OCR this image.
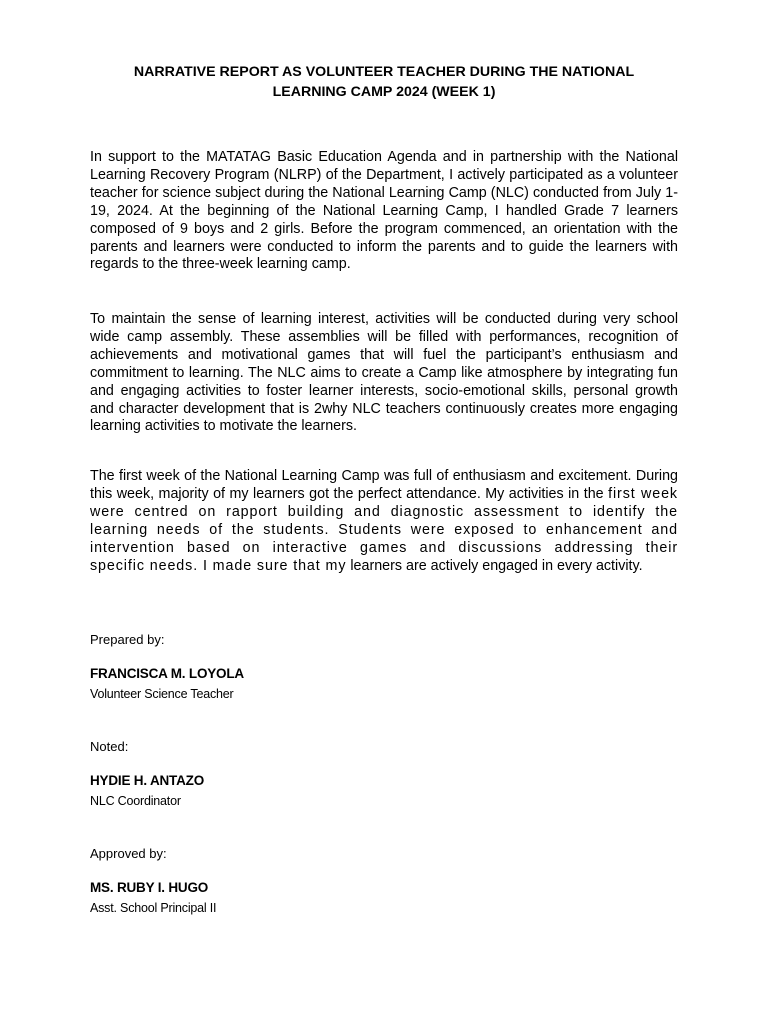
NARRATIVE REPORT AS VOLUNTEER TEACHER DURING THE NATIONAL
LEARNING CAMP 2024 (WEEK 1)

In support to the MATATAG Basic Education Agenda and in partnership with the National Learning Recovery Program (NLRP) of the Department, I actively participated as a volunteer teacher for science subject during the National Learning Camp (NLC) conducted from July 1-19, 2024. At the beginning of the National Learning Camp, I handled Grade 7 learners composed of 9 boys and 2 girls. Before the program commenced, an orientation with the parents and learners were conducted to inform the parents and to guide the learners with regards to the three-week learning camp.

To maintain the sense of learning interest, activities will be conducted during very school wide camp assembly. These assemblies will be filled with performances, recognition of achievements and motivational games that will fuel the participant’s enthusiasm and commitment to learning. The NLC aims to create a Camp like atmosphere by integrating fun and engaging activities to foster learner interests, socio-emotional skills, personal growth and character development that is 2why NLC teachers continuously creates more engaging learning activities to motivate the learners.

The first week of the National Learning Camp was full of enthusiasm and excitement. During this week, majority of my learners got the perfect attendance. My activities in the first week were centred on rapport building and diagnostic assessment to identify the learning needs of the students. Students were exposed to enhancement and intervention based on interactive games and discussions addressing their specific needs. I made sure that my learners are actively engaged in every activity.

Prepared by:
FRANCISCA M. LOYOLA
Volunteer Science Teacher
Noted:
HYDIE H. ANTAZO
NLC Coordinator
Approved by:
MS. RUBY I. HUGO
Asst. School Principal II
